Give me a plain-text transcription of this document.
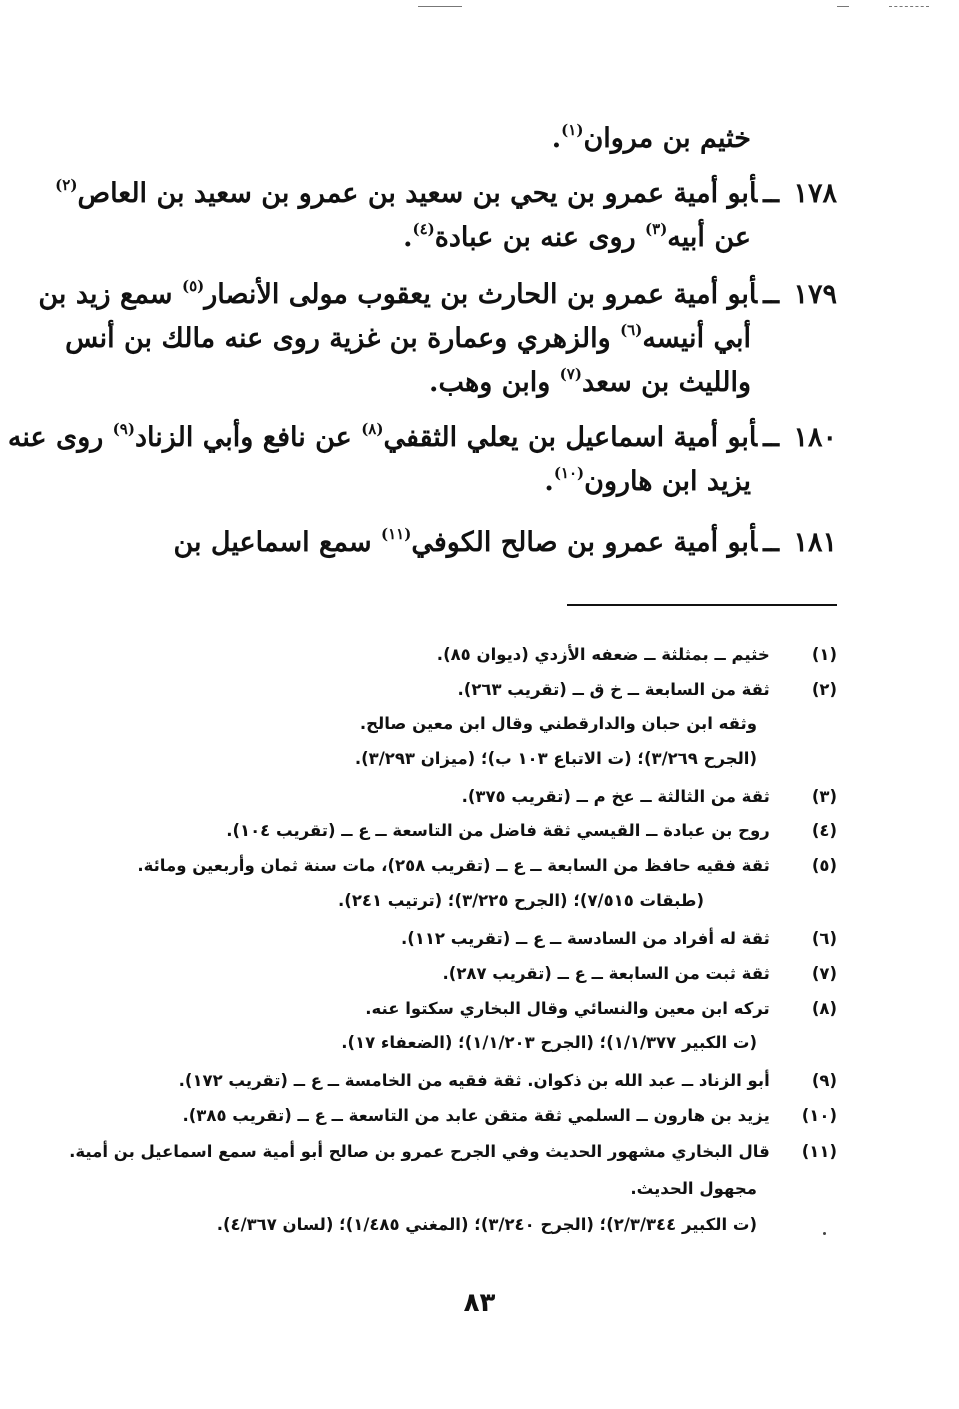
خثيم بن مروان$^{(١)}$.
١٧٨ــأبو أمية عمرو بن يحي بن سعيد بن عمرو بن سعيد بن العاص$^{(٢)}$
عن أبيه$^{(٣)}$ روى عنه بن عبادة$^{(٤)}$.
١٧٩ــأبو أمية عمرو بن الحارث بن يعقوب مولى الأنصار$^{(٥)}$ سمع زيد بن
أبي أنيسه$^{(٦)}$ والزهري وعمارة بن غزية روى عنه مالك بن أنس
والليث بن سعد$^{(٧)}$ وابن وهب.
١٨٠ــأبو أمية اسماعيل بن يعلي الثقفي$^{(٨)}$ عن نافع وأبي الزناد$^{(٩)}$ روى عنه
يزيد ابن هارون$^{(١٠)}$.
١٨١ــأبو أمية عمرو بن صالح الكوفي$^{(١١)}$ سمع اسماعيل بن
(١)   خثيم ــ بمثلثة ــ ضعفه الأزدي (ديوان ٨٥).
(٢)   ثقة من السابعة ــ خ ق ــ (تقريب ٢٦٣).
وثقه ابن حبان والدارقطني وقال ابن معين صالح.
(الجرح ٣/٢٦٩)؛ (ت الاتباع ١٠٣ ب)؛ (ميزان ٣/٢٩٣).
(٣)   ثقة من الثالثة ــ عخ م ــ (تقريب ٣٧٥).
(٤)   روح بن عبادة ــ القيسي ثقة فاضل من التاسعة ــ ع ــ (تقريب ١٠٤).
(٥)   ثقة فقيه حافظ من السابعة ــ ع ــ (تقريب ٢٥٨)، مات سنة ثمان وأربعين ومائة.
(طبقات ٧/٥١٥)؛ (الجرح ٣/٢٢٥)؛ (ترتيب ٢٤١).
(٦)   ثقة له أفراد من السادسة ــ ع ــ (تقريب ١١٢).
(٧)   ثقة ثبت من السابعة ــ ع ــ (تقريب ٢٨٧).
(٨)   تركه ابن معين والنسائي وقال البخاري سكتوا عنه.
(ت الكبير ١/١/٣٧٧)؛ (الجرح ١/١/٢٠٣)؛ (الضعفاء ١٧).
(٩)   أبو الزناد ــ عبد الله بن ذكوان. ثقة فقيه من الخامسة ــ ع ــ (تقريب ١٧٢).
(١٠)   يزيد بن هارون ــ السلمي ثقة متقن عابد من التاسعة ــ ع ــ (تقريب ٣٨٥).
(١١)   قال البخاري مشهور الحديث وفي الجرح عمرو بن صالح أبو أمية سمع اسماعيل بن أمية.
مجهول الحديث.
(ت الكبير ٢/٣/٣٤٤)؛ (الجرح ٣/٢٤٠)؛ (المغني ١/٤٨٥)؛ (لسان ٤/٣٦٧).
٨٣
